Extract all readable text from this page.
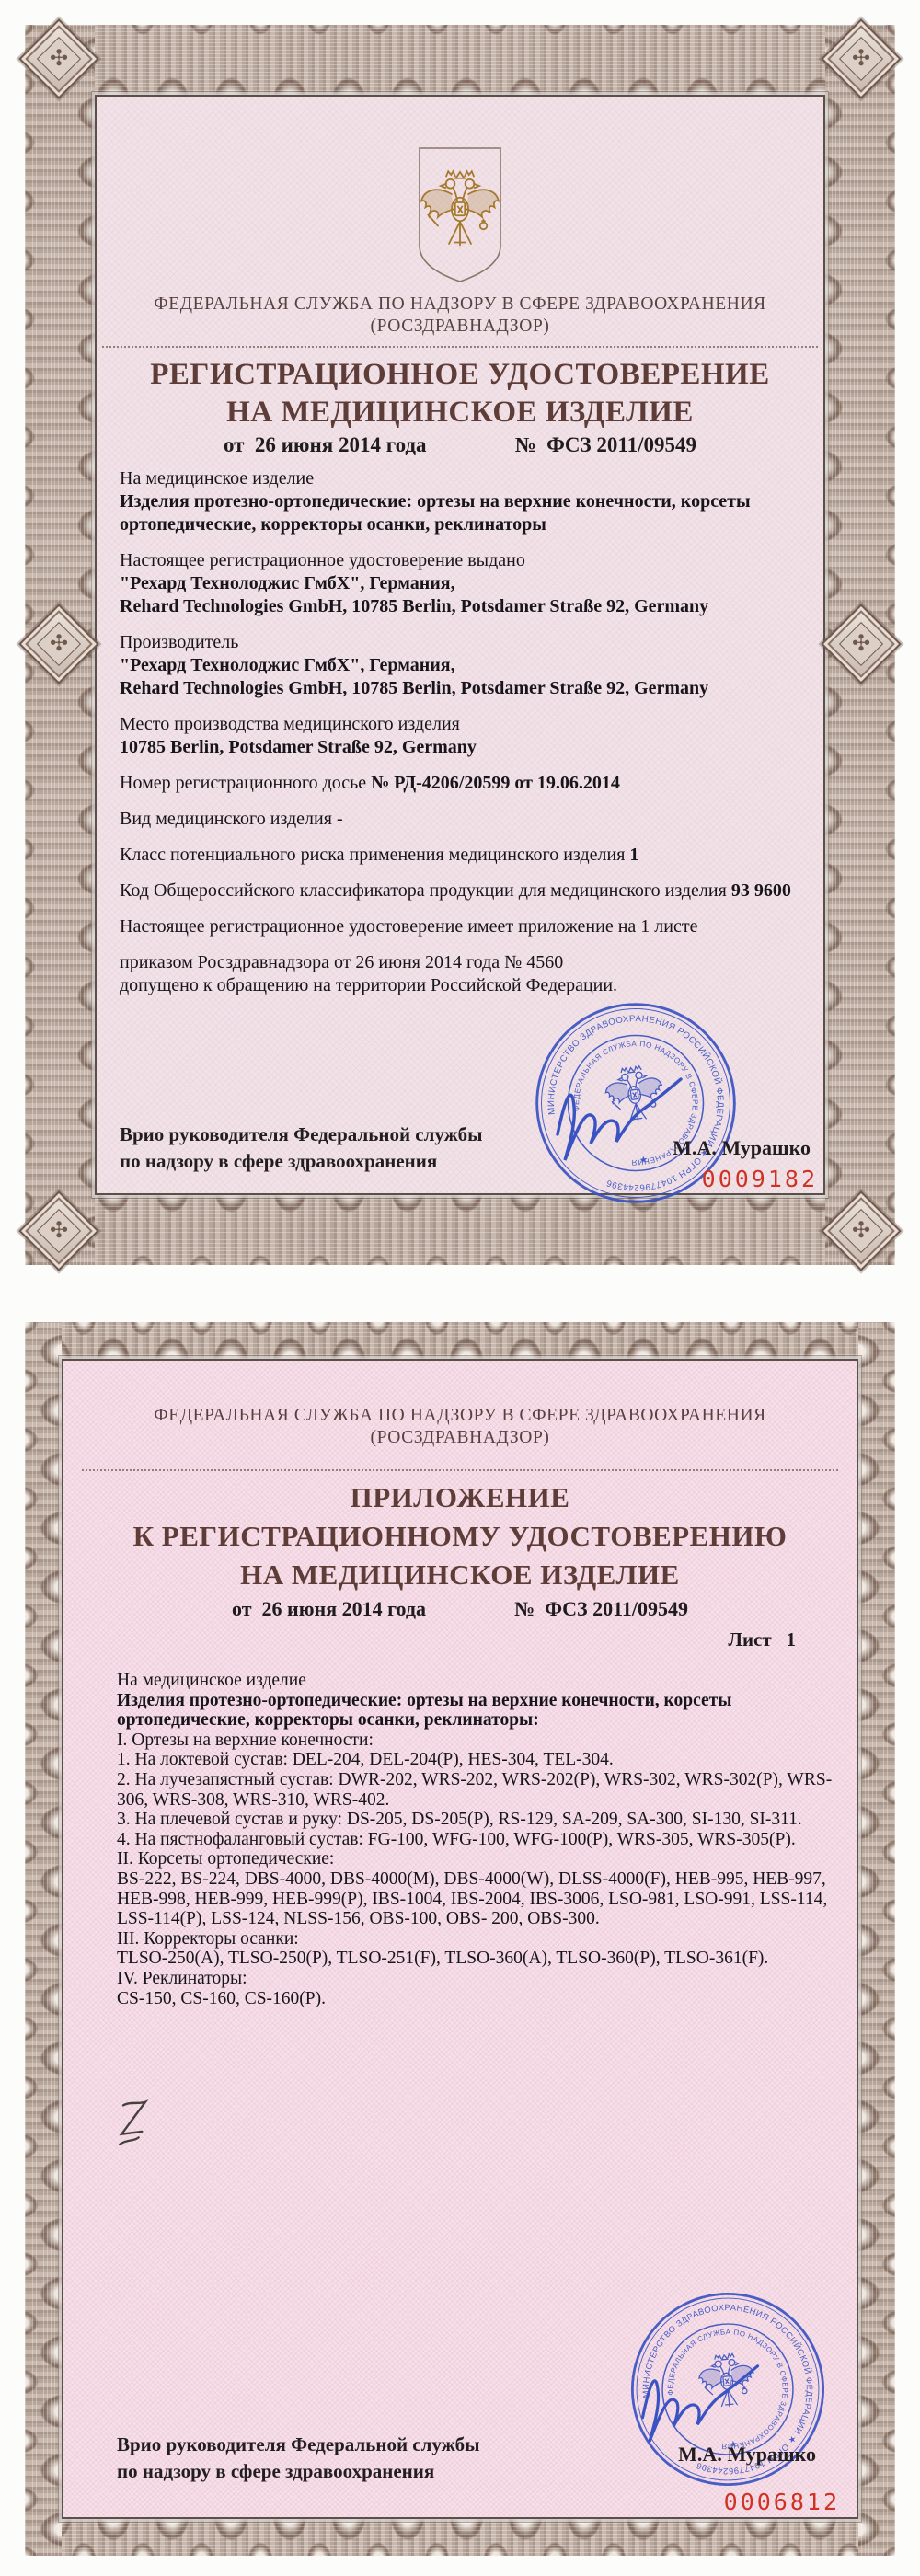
✣	✣
✣	✣
✣	✣
ФЕДЕРАЛЬНАЯ СЛУЖБА ПО НАДЗОРУ В СФЕРЕ ЗДРАВООХРАНЕНИЯ
(РОСЗДРАВНАДЗОР)
РЕГИСТРАЦИОННОЕ УДОСТОВЕРЕНИЕ
НА МЕДИЦИНСКОЕ ИЗДЕЛИЕ
от  26 июня 2014 года	№  ФСЗ 2011/09549
На медицинское изделие
Изделия протезно-ортопедические: ортезы на верхние конечности, корсеты ортопедические, корректоры осанки, реклинаторы
Настоящее регистрационное удостоверение выдано
"Рехард Технолоджис ГмбХ", Германия,
Rehard Technologies GmbH, 10785 Berlin, Potsdamer Straße 92, Germany
Производитель
"Рехард Технолоджис ГмбХ", Германия,
Rehard Technologies GmbH, 10785 Berlin, Potsdamer Straße 92, Germany
Место производства медицинского изделия
10785 Berlin, Potsdamer Straße 92, Germany
Номер регистрационного досье № РД-4206/20599 от 19.06.2014
Вид медицинского изделия -
Класс потенциального риска применения медицинского изделия 1
Код Общероссийского классификатора продукции для медицинского изделия 93 9600
Настоящее регистрационное удостоверение имеет приложение на 1 листе
приказом Росздравнадзора от 26 июня 2014 года № 4560
допущено к обращению на территории Российской Федерации.
Врио руководителя Федеральной службы
по надзору в сфере здравоохранения
М.А. Мурашко
0009182
ФЕДЕРАЛЬНАЯ СЛУЖБА ПО НАДЗОРУ В СФЕРЕ ЗДРАВООХРАНЕНИЯ
(РОСЗДРАВНАДЗОР)
ПРИЛОЖЕНИЕ
К РЕГИСТРАЦИОННОМУ УДОСТОВЕРЕНИЮ
НА МЕДИЦИНСКОЕ ИЗДЕЛИЕ
от  26 июня 2014 года	№  ФСЗ 2011/09549
Лист   1
На медицинское изделие
Изделия протезно-ортопедические: ортезы на верхние конечности, корсеты ортопедические, корректоры осанки, реклинаторы:
I. Ортезы на верхние конечности:
1. На локтевой сустав: DEL-204, DEL-204(P), HES-304, TEL-304.
2. На лучезапястный сустав: DWR-202, WRS-202, WRS-202(P), WRS-302, WRS-302(P), WRS-306, WRS-308, WRS-310, WRS-402.
3. На плечевой сустав и руку: DS-205, DS-205(P), RS-129, SA-209, SA-300, SI-130, SI-311.
4. На пястнофаланговый сустав: FG-100, WFG-100, WFG-100(P), WRS-305, WRS-305(P).
II. Корсеты ортопедические:
BS-222, BS-224, DBS-4000, DBS-4000(M), DBS-4000(W), DLSS-4000(F), HEB-995, HEB-997, HEB-998, HEB-999, HEB-999(P), IBS-1004, IBS-2004, IBS-3006, LSO-981, LSO-991, LSS-114, LSS-114(P), LSS-124, NLSS-156, OBS-100, OBS- 200, OBS-300.
III. Корректоры осанки:
TLSO-250(A), TLSO-250(P), TLSO-251(F), TLSO-360(A), TLSO-360(P), TLSO-361(F).
IV. Реклинаторы:
CS-150, CS-160, CS-160(P).
Врио руководителя Федеральной службы
по надзору в сфере здравоохранения
М.А. Мурашко
0006812
